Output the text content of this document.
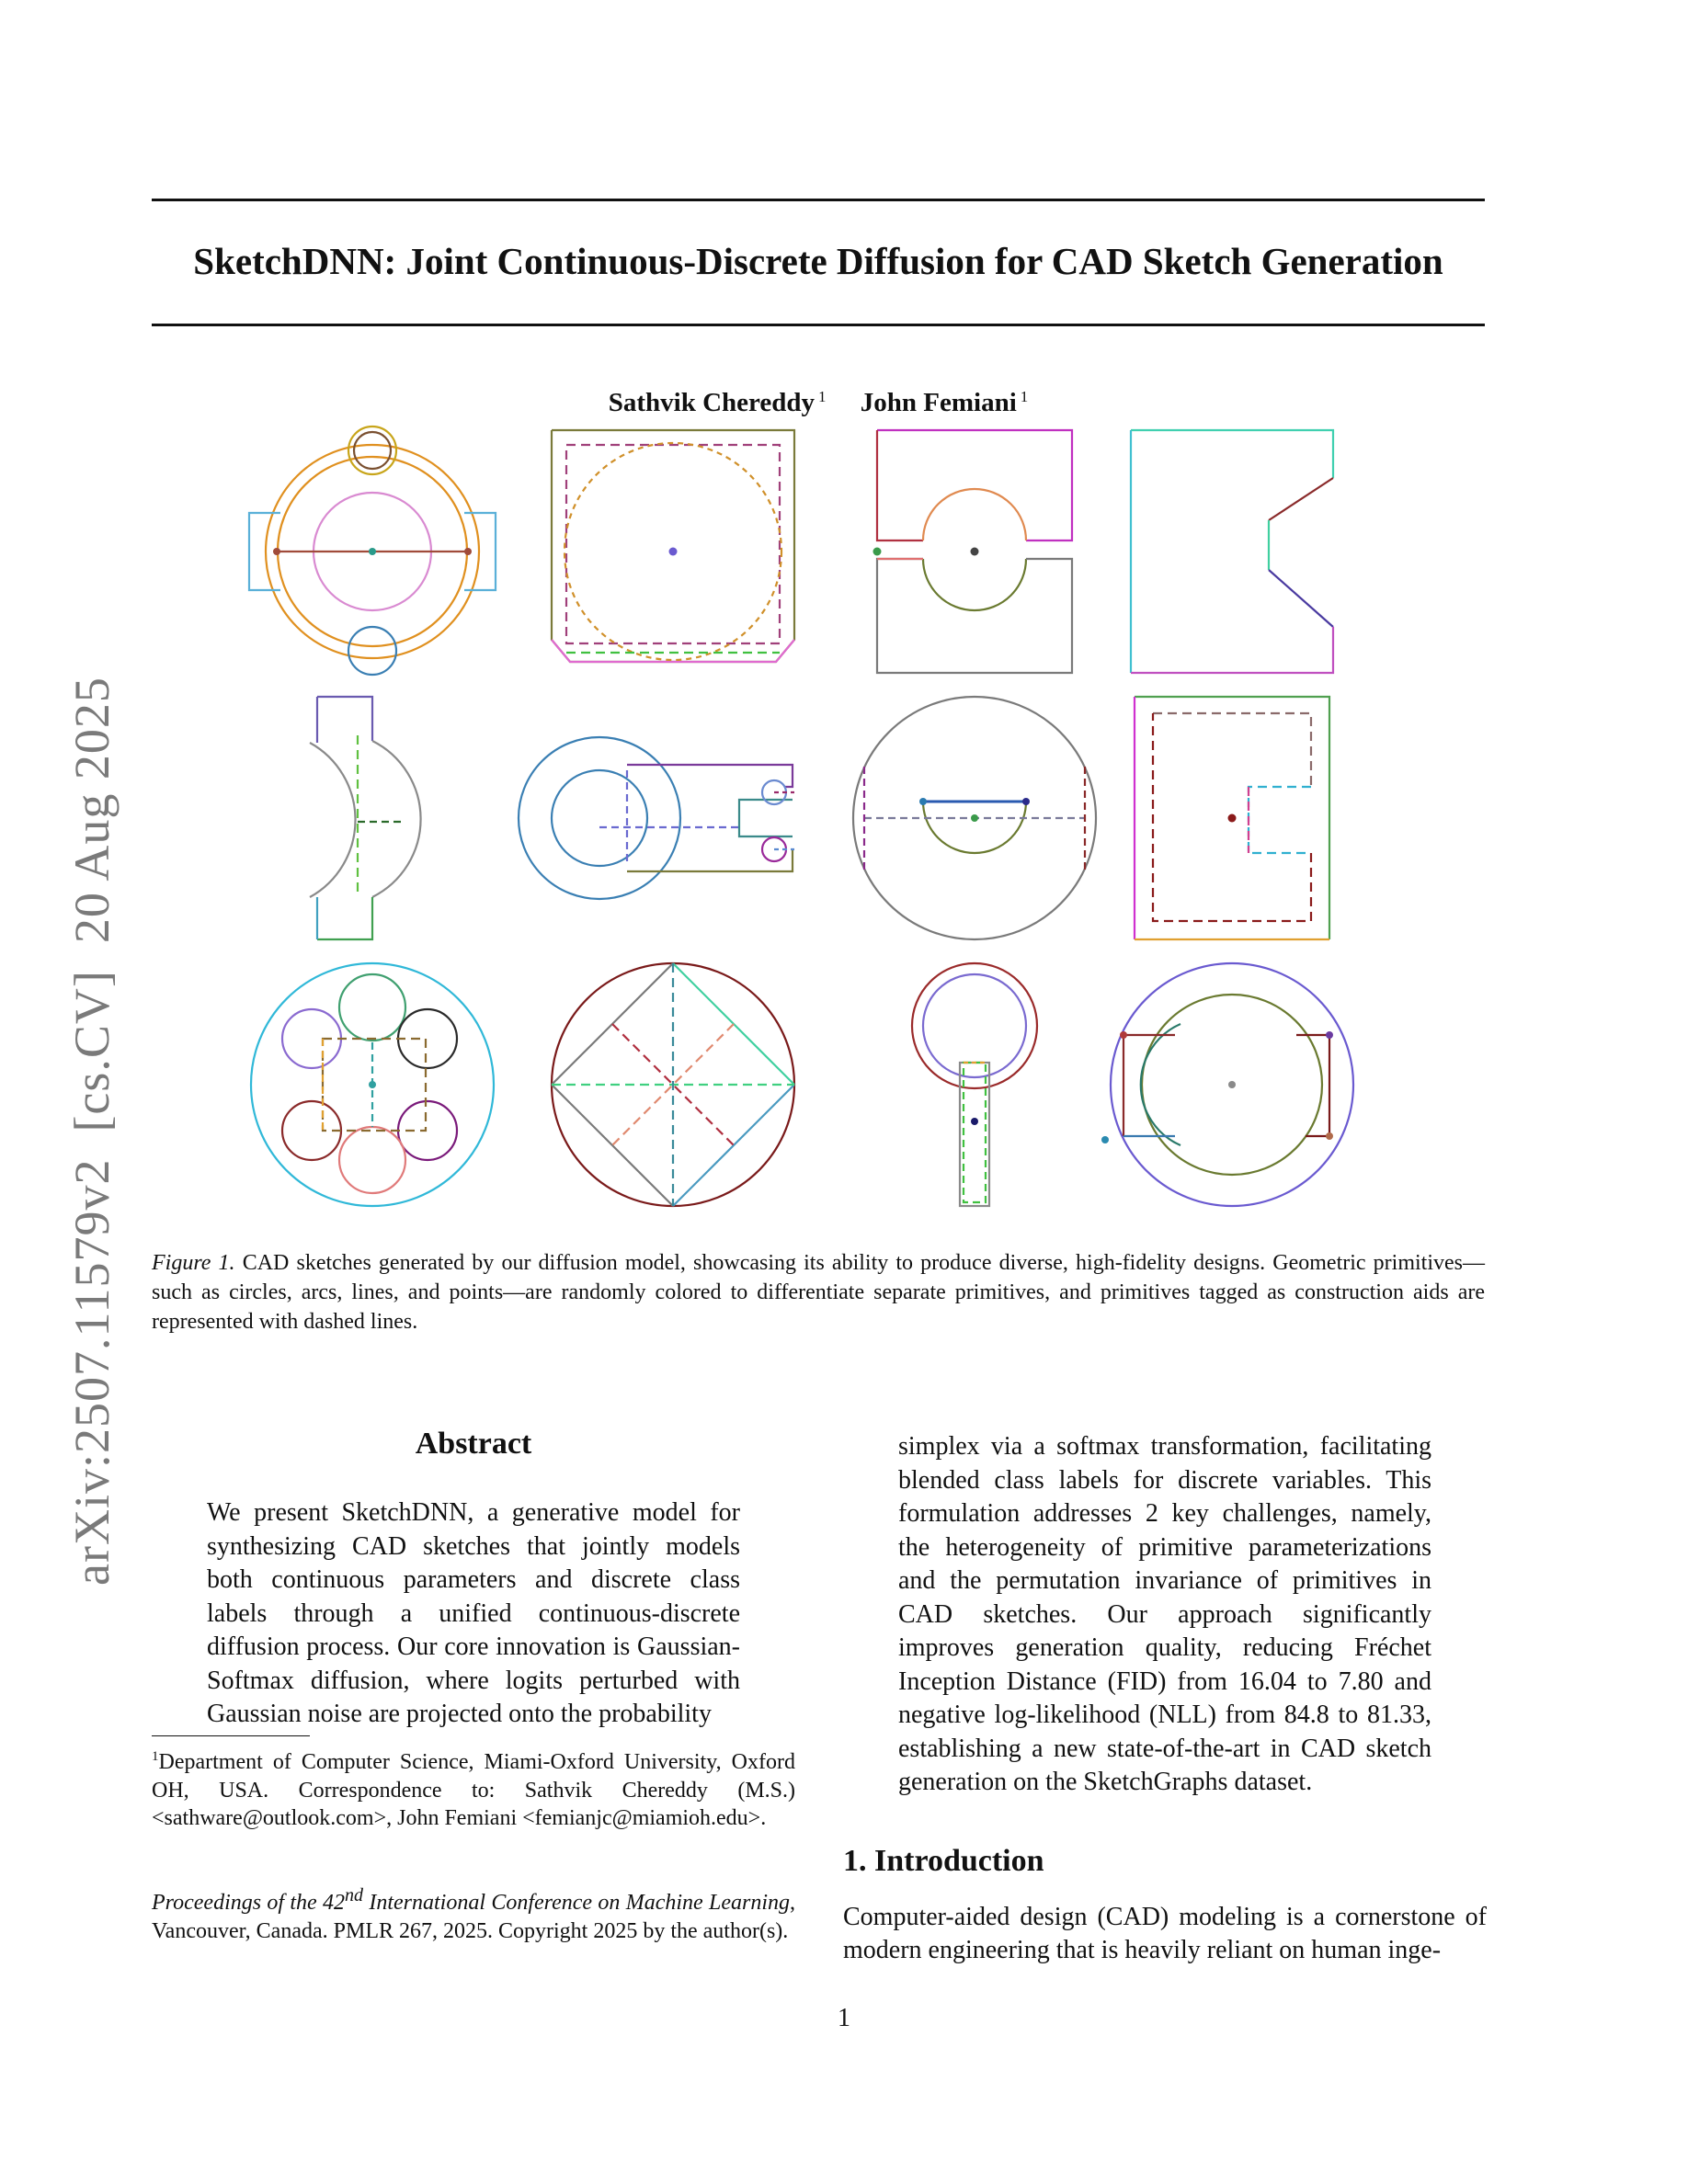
SketchDNN: Joint Continuous-Discrete Diffusion for CAD Sketch Generation
Sathvik Chereddy $^1$ John Femiani $^1$
arXiv:2507.11579v2  [cs.CV]  20 Aug 2025 Figure 1. CAD sketches generated by our diffusion model, showcasing its ability to produce diverse, high-fidelity designs. Geometric primitives—such as circles, arcs, lines, and points—are randomly colored to differentiate separate primitives, and primitives tagged as construction aids are represented with dashed lines.
Abstract

We present SketchDNN, a generative model for synthesizing CAD sketches that jointly models both continuous parameters and discrete class labels through a unified continuous-discrete diffusion process. Our core innovation is Gaussian-Softmax diffusion, where logits perturbed with Gaussian noise are projected onto the probability

simplex via a softmax transformation, facilitating blended class labels for discrete variables. This formulation addresses 2 key challenges, namely, the heterogeneity of primitive parameterizations and the permutation invariance of primitives in CAD sketches. Our approach significantly improves generation quality, reducing Fréchet Inception Distance (FID) from 16.04 to 7.80 and negative log-likelihood (NLL) from 84.8 to 81.33, establishing a new state-of-the-art in CAD sketch generation on the SketchGraphs dataset.

$^1$Department of Computer Science, Miami-Oxford University, Oxford OH, USA. Correspondence to: Sathvik Chereddy (M.S.) <sathware@outlook.com>, John Femiani <femianjc@miamioh.edu>.

Proceedings of the 42nd International Conference on Machine Learning, Vancouver, Canada. PMLR 267, 2025. Copyright 2025 by the author(s).

1. Introduction

Computer-aided design (CAD) modeling is a cornerstone of modern engineering that is heavily reliant on human inge-

1
